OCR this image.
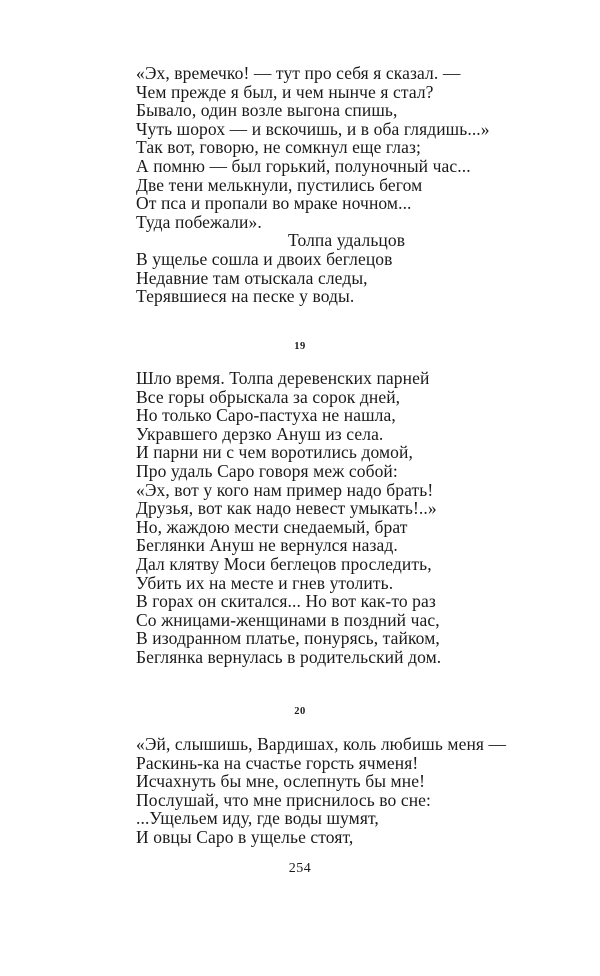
«Эх, времечко! — тут про себя я сказал. —
Чем прежде я был, и чем нынче я стал?
Бывало, один возле выгона спишь,
Чуть шорох — и вскочишь, и в оба глядишь...»
Так вот, говорю, не сомкнул еще глаз;
А помню — был горький, полуночный час...
Две тени мелькнули, пустились бегом
От пса и пропали во мраке ночном...
Туда побежали».
Толпа удальцов
В ущелье сошла и двоих беглецов
Недавние там отыскала следы,
Терявшиеся на песке у воды.
19
Шло время. Толпа деревенских парней
Все горы обрыскала за сорок дней,
Но только Саро-пастуха не нашла,
Укравшего дерзко Ануш из села.
И парни ни с чем воротились домой,
Про удаль Саро говоря меж собой:
«Эх, вот у кого нам пример надо брать!
Друзья, вот как надо невест умыкать!..»
Но, жаждою мести снедаемый, брат
Беглянки Ануш не вернулся назад.
Дал клятву Моси беглецов проследить,
Убить их на месте и гнев утолить.
В горах он скитался... Но вот как-то раз
Со жницами-женщинами в поздний час,
В изодранном платье, понурясь, тайком,
Беглянка вернулась в родительский дом.
20
«Эй, слышишь, Вардишах, коль любишь меня —
Раскинь-ка на счастье горсть ячменя!
Исчахнуть бы мне, ослепнуть бы мне!
Послушай, что мне приснилось во сне:
...Ущельем иду, где воды шумят,
И овцы Саро в ущелье стоят,
254
